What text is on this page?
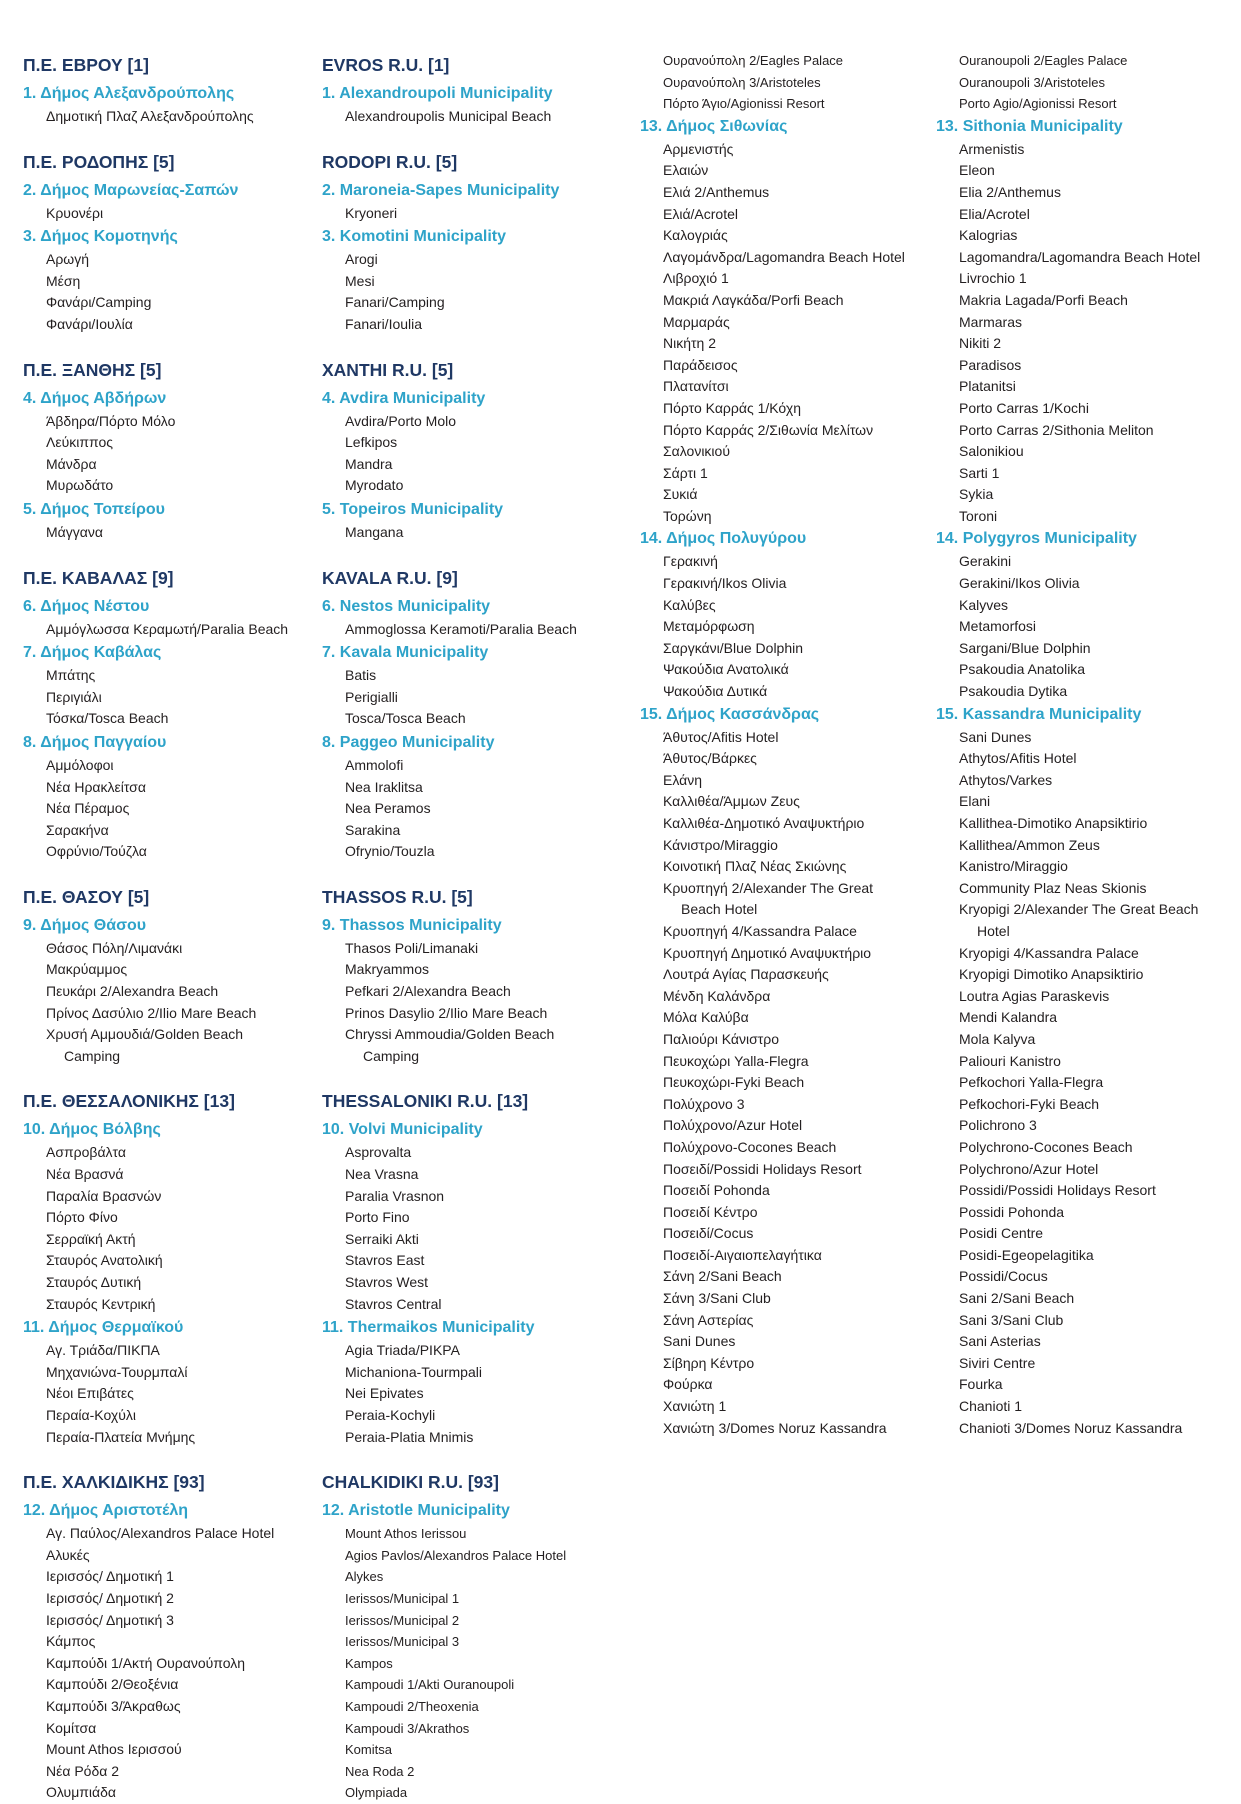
Π.Ε. ΕΒΡΟΥ [1]
1. Δήμος Αλεξανδρούπολης
Δημοτική Πλαζ Αλεξανδρούπολης
Π.Ε. ΡΟΔΟΠΗΣ [5]
2. Δήμος Μαρωνείας-Σαπών
Κρυονέρι
3. Δήμος Κομοτηνής
Αρωγή
Μέση
Φανάρι/Camping
Φανάρι/Ιουλία
Π.Ε. ΞΑΝΘΗΣ [5]
4. Δήμος Αβδήρων
Άβδηρα/Πόρτο Μόλο
Λεύκιππος
Μάνδρα
Μυρωδάτο
5. Δήμος Τοπείρου
Μάγγανα
Π.Ε. ΚΑΒΑΛΑΣ [9]
6. Δήμος Νέστου
Αμμόγλωσσα Κεραμωτή/Paralia Beach
7. Δήμος Καβάλας
Μπάτης
Περιγιάλι
Τόσκα/Tosca Beach
8. Δήμος Παγγαίου
Αμμόλοφοι
Νέα Ηρακλείτσα
Νέα Πέραμος
Σαρακήνα
Οφρύνιο/Τούζλα
Π.Ε. ΘΑΣΟΥ [5]
9. Δήμος Θάσου
Θάσος Πόλη/Λιμανάκι
Μακρύαμμος
Πευκάρι 2/Alexandra Beach
Πρίνος Δασύλιο 2/Ilio Mare Beach
Χρυσή Αμμουδιά/Golden Beach
Camping
Π.Ε. ΘΕΣΣΑΛΟΝΙΚΗΣ [13]
10. Δήμος Βόλβης
Ασπροβάλτα
Νέα Βρασνά
Παραλία Βρασνών
Πόρτο Φίνο
Σερραϊκή Ακτή
Σταυρός Ανατολική
Σταυρός Δυτική
Σταυρός Κεντρική
11. Δήμος Θερμαϊκού
Αγ. Τριάδα/ΠΙΚΠΑ
Μηχανιώνα-Τουρμπαλί
Νέοι Επιβάτες
Περαία-Κοχύλι
Περαία-Πλατεία Μνήμης
Π.Ε. ΧΑΛΚΙΔΙΚΗΣ [93]
12. Δήμος Αριστοτέλη
Αγ. Παύλος/Alexandros Palace Hotel
Αλυκές
Ιερισσός/ Δημοτική 1
Ιερισσός/ Δημοτική 2
Ιερισσός/ Δημοτική 3
Κάμπος
Καμπούδι 1/Ακτή Ουρανούπολη
Καμπούδι 2/Θεοξένια
Καμπούδι 3/Άκραθως
Κομίτσα
Mount Athos Ιερισσού
Νέα Ρόδα 2
Ολυμπιάδα
EVROS R.U. [1]
1. Alexandroupoli Municipality
Alexandroupolis Municipal Beach
RODOPI R.U. [5]
2. Maroneia-Sapes Municipality
Kryoneri
3. Komotini Municipality
Arogi
Mesi
Fanari/Camping
Fanari/Ioulia
XANTHI R.U. [5]
4. Avdira Municipality
Avdira/Porto Molo
Lefkipos
Mandra
Myrodato
5. Topeiros Municipality
Mangana
KAVALA R.U. [9]
6. Nestos Municipality
Ammoglossa Keramoti/Paralia Beach
7. Kavala Municipality
Batis
Perigialli
Tosca/Tosca Beach
8. Paggeo Municipality
Ammolofi
Nea Iraklitsa
Nea Peramos
Sarakina
Ofrynio/Touzla
THASSOS R.U. [5]
9. Thassos Municipality
Thasos Poli/Limanaki
Makryammos
Pefkari 2/Alexandra Beach
Prinos Dasylio 2/Ilio Mare Beach
Chryssi Ammoudia/Golden Beach
Camping
THESSALONIKI R.U. [13]
10. Volvi Municipality
Asprovalta
Nea Vrasna
Paralia Vrasnon
Porto Fino
Serraiki Akti
Stavros East
Stavros West
Stavros Central
11. Thermaikos Municipality
Agia Triada/PIKPA
Michaniona-Tourmpali
Nei Epivates
Peraia-Kochyli
Peraia-Platia Mnimis
CHALKIDIKI R.U. [93]
12. Aristotle Municipality
Mount Athos Ierissou
Agios Pavlos/Alexandros Palace Hotel
Alykes
Ierissos/Municipal 1
Ierissos/Municipal 2
Ierissos/Municipal 3
Kampos
Kampoudi 1/Akti Ouranoupoli
Kampoudi 2/Theoxenia
Kampoudi 3/Akrathos
Komitsa
Nea Roda 2
Olympiada
Ουρανούπολη 2/Eagles Palace
Ουρανούπολη 3/Aristoteles
Πόρτο Άγιο/Agionissi Resort
13. Δήμος Σιθωνίας
Αρμενιστής
Ελαιών
Ελιά 2/Anthemus
Ελιά/Acrotel
Καλογριάς
Λαγομάνδρα/Lagomandra Beach Hotel
Λιβροχιό 1
Μακριά Λαγκάδα/Porfi Beach
Μαρμαράς
Νικήτη 2
Παράδεισος
Πλατανίτσι
Πόρτο Καρράς 1/Κόχη
Πόρτο Καρράς 2/Σιθωνία Μελίτων
Σαλονικιού
Σάρτι 1
Συκιά
Τορώνη
14. Δήμος Πολυγύρου
Γερακινή
Γερακινή/Ikos Olivia
Καλύβες
Μεταμόρφωση
Σαργκάνι/Blue Dolphin
Ψακούδια Ανατολικά
Ψακούδια Δυτικά
15. Δήμος Κασσάνδρας
Άθυτος/Afitis Hotel
Άθυτος/Βάρκες
Ελάνη
Καλλιθέα/Άμμων Ζευς
Καλλιθέα-Δημοτικό Αναψυκτήριο
Κάνιστρο/Miraggio
Κοινοτική Πλαζ Νέας Σκιώνης
Κρυοπηγή 2/Alexander The Great
Beach Hotel
Κρυοπηγή 4/Kassandra Palace
Κρυοπηγή Δημοτικό Αναψυκτήριο
Λουτρά Αγίας Παρασκευής
Μένδη Καλάνδρα
Μόλα Καλύβα
Παλιούρι Κάνιστρο
Πευκοχώρι Yalla-Flegra
Πευκοχώρι-Fyki Beach
Πολύχρονο 3
Πολύχρονο/Azur Hotel
Πολύχρονο-Cocones Beach
Ποσειδί/Possidi Holidays Resort
Ποσειδί Pohonda
Ποσειδί Κέντρο
Ποσειδί/Cocus
Ποσειδί-Αιγαιοπελαγήτικα
Σάνη 2/Sani Beach
Σάνη 3/Sani Club
Σάνη Αστερίας
Sani Dunes
Σίβηρη Κέντρο
Φούρκα
Χανιώτη 1
Χανιώτη 3/Domes Noruz Kassandra
Ouranoupoli 2/Eagles Palace
Ouranoupoli 3/Aristoteles
Porto Agio/Agionissi Resort
13. Sithonia Municipality
Armenistis
Eleon
Elia 2/Anthemus
Elia/Acrotel
Kalogrias
Lagomandra/Lagomandra Beach Hotel
Livrochio 1
Makria Lagada/Porfi Beach
Marmaras
Nikiti 2
Paradisos
Platanitsi
Porto Carras 1/Kochi
Porto Carras 2/Sithonia Meliton
Salonikiou
Sarti 1
Sykia
Toroni
14. Polygyros Municipality
Gerakini
Gerakini/Ikos Olivia
Kalyves
Metamorfosi
Sargani/Blue Dolphin
Psakoudia Anatolika
Psakoudia Dytika
15. Kassandra Municipality
Sani Dunes
Athytos/Afitis Hotel
Athytos/Varkes
Elani
Kallithea-Dimotiko Anapsiktirio
Kallithea/Ammon Zeus
Kanistro/Miraggio
Community Plaz Neas Skionis
Kryopigi 2/Alexander The Great Beach
Hotel
Kryopigi 4/Kassandra Palace
Kryopigi Dimotiko Anapsiktirio
Loutra Agias Paraskevis
Mendi Kalandra
Mola Kalyva
Paliouri Kanistro
Pefkochori Yalla-Flegra
Pefkochori-Fyki Beach
Polichrono 3
Polychrono-Cocones Beach
Polychrono/Azur Hotel
Possidi/Possidi Holidays Resort
Possidi Pohonda
Posidi Centre
Posidi-Egeopelagitika
Possidi/Cocus
Sani 2/Sani Beach
Sani 3/Sani Club
Sani Asterias
Siviri Centre
Fourka
Chanioti 1
Chanioti 3/Domes Noruz Kassandra
